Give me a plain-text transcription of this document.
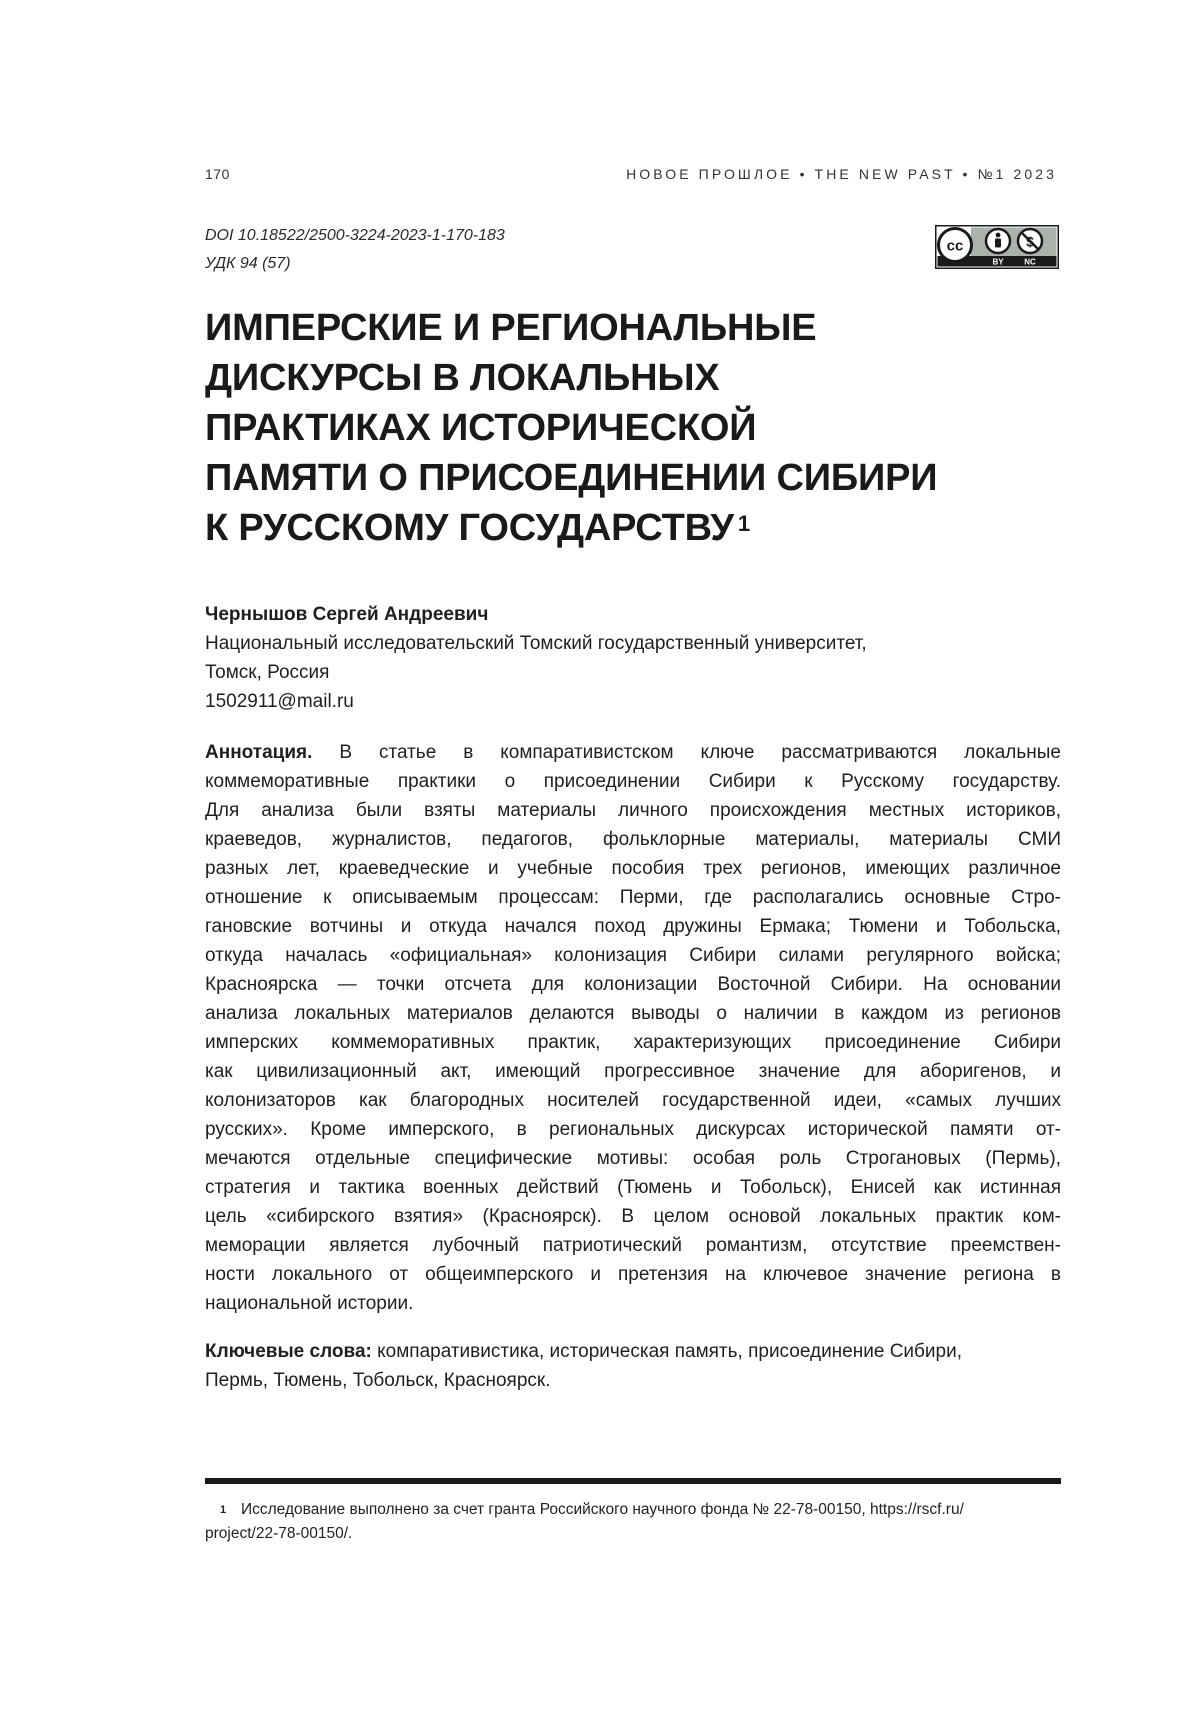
170	НОВОЕ ПРОШЛОЕ • THE NEW PAST • №1 2023
DOI 10.18522/2500-3224-2023-1-170-183
УДК 94 (57)
cc
BY	NC
ИМПЕРСКИЕ И РЕГИОНАЛЬНЫЕ
ДИСКУРСЫ В ЛОКАЛЬНЫХ
ПРАКТИКАХ ИСТОРИЧЕСКОЙ
ПАМЯТИ О ПРИСОЕДИНЕНИИ СИБИРИ
К РУССКОМУ ГОСУДАРСТВУ 1
Чернышов Сергей Андреевич
Национальный исследовательский Томский государственный университет,
Томск, Россия
1502911@mail.ru
Аннотация. В статье в компаративистском ключе рассматриваются локальные
коммеморативные практики о присоединении Сибири к Русскому государству.
Для анализа были взяты материалы личного происхождения местных историков,
краеведов, журналистов, педагогов, фольклорные материалы, материалы СМИ
разных лет, краеведческие и учебные пособия трех регионов, имеющих различное
отношение к описываемым процессам: Перми, где располагались основные Стро-
гановские вотчины и откуда начался поход дружины Ермака; Тюмени и Тобольска,
откуда началась «официальная» колонизация Сибири силами регулярного войска;
Красноярска — точки отсчета для колонизации Восточной Сибири. На основании
анализа локальных материалов делаются выводы о наличии в каждом из регионов
имперских коммеморативных практик, характеризующих присоединение Сибири
как цивилизационный акт, имеющий прогрессивное значение для аборигенов, и
колонизаторов как благородных носителей государственной идеи, «самых лучших
русских». Кроме имперского, в региональных дискурсах исторической памяти от-
мечаются отдельные специфические мотивы: особая роль Строгановых (Пермь),
стратегия и тактика военных действий (Тюмень и Тобольск), Енисей как истинная
цель «сибирского взятия» (Красноярск). В целом основой локальных практик ком-
мемoрации является лубочный патриотический романтизм, отсутствие преемствен-
ности локального от общеимперского и претензия на ключевое значение региона в
национальной истории.
Ключевые слова: компаративистика, историческая память, присоединение Сибири,
Пермь, Тюмень, Тобольск, Красноярск.
1 Исследование выполнено за счет гранта Российского научного фонда № 22-78-00150, https://rscf.ru/
project/22-78-00150/.
